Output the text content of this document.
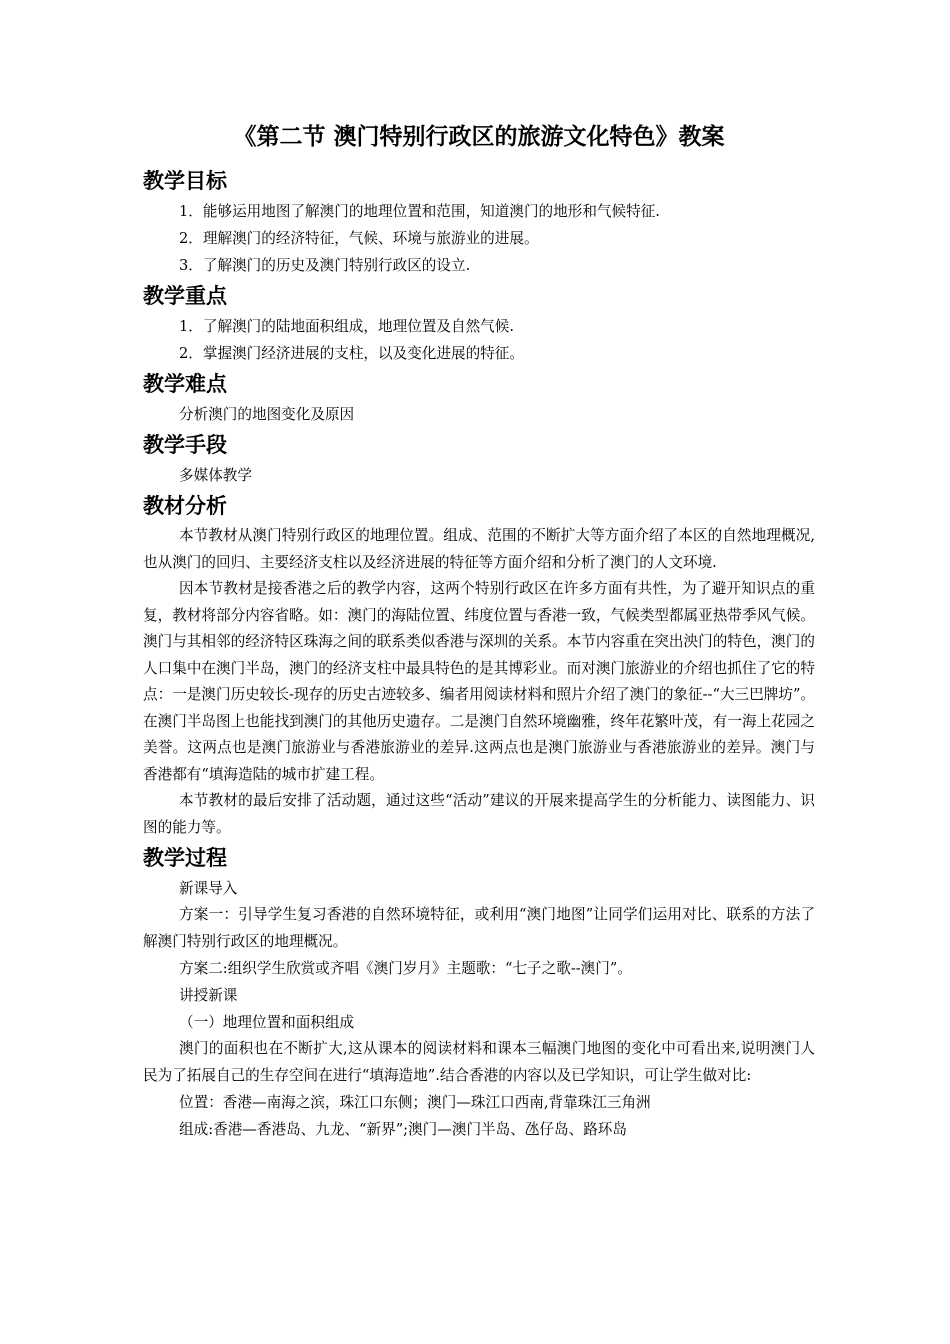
《第二节 澳门特别行政区的旅游文化特色》教案
教学目标

1．能够运用地图了解澳门的地理位置和范围，知道澳门的地形和气候特征.

2．理解澳门的经济特征，气候、环境与旅游业的进展。

3．了解澳门的历史及澳门特别行政区的设立.

教学重点

1．了解澳门的陆地面积组成，地理位置及自然气候.

2．掌握澳门经济进展的支柱，以及变化进展的特征。

教学难点

分析澳门的地图变化及原因

教学手段

多媒体教学

教材分析

本节教材从澳门特别行政区的地理位置。组成、范围的不断扩大等方面介绍了本区的自然地理概况,也从澳门的回归、主要经济支柱以及经济进展的特征等方面介绍和分析了澳门的人文环境.

因本节教材是接香港之后的教学内容，这两个特别行政区在许多方面有共性，为了避开知识点的重复，教材将部分内容省略。如：澳门的海陆位置、纬度位置与香港一致，气候类型都属亚热带季风气候。澳门与其相邻的经济特区珠海之间的联系类似香港与深圳的关系。本节内容重在突出泱门的特色，澳门的人口集中在澳门半岛，澳门的经济支柱中最具特色的是其博彩业。而对澳门旅游业的介绍也抓住了它的特点：一是澳门历史较长-现存的历史古迹较多、编者用阅读材料和照片介绍了澳门的象征--“大三巴牌坊”。在澳门半岛图上也能找到澳门的其他历史遗存。二是澳门自然环境幽雅，终年花繁叶茂，有一海上花园之美誉。这两点也是澳门旅游业与香港旅游业的差异.这两点也是澳门旅游业与香港旅游业的差异。澳门与香港都有“填海造陆的城市扩建工程。

本节教材的最后安排了活动题，通过这些“活动”建议的开展来提高学生的分析能力、读图能力、识图的能力等。

教学过程

新课导入

方案一：引导学生复习香港的自然环境特征，或利用“澳门地图”让同学们运用对比、联系的方法了解澳门特别行政区的地理概况。

方案二:组织学生欣赏或齐唱《澳门岁月》主题歌：“七子之歌--澳门”。

讲授新课

（一）地理位置和面积组成

澳门的面积也在不断扩大,这从课本的阅读材料和课本三幅澳门地图的变化中可看出来,说明澳门人民为了拓展自己的生存空间在进行“填海造地”.结合香港的内容以及已学知识，可让学生做对比:

位置：香港—南海之滨，珠江口东侧；澳门—珠江口西南,背靠珠江三角洲

组成:香港—香港岛、九龙、“新界”;澳门—澳门半岛、氹仔岛、路环岛
